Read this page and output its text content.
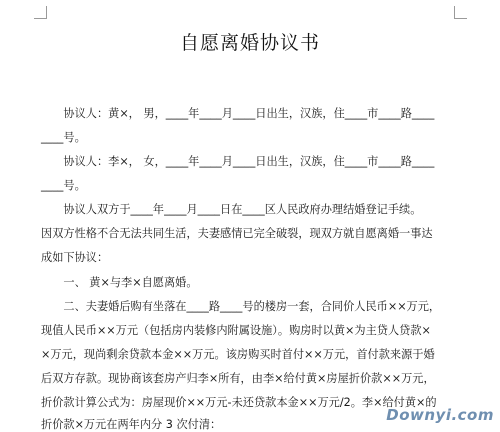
自愿离婚协议书
　　协议人：黄×， 男，____年____月____日出生，汉族，住____市____路____
____号。
　　协议人：李×， 女，____年____月____日出生，汉族，住____市____路____
____号。
　　协议人双方于____年____月____日在____区人民政府办理结婚登记手续。
因双方性格不合无法共同生活，夫妻感情已完全破裂，现双方就自愿离婚一事达
成如下协议：
　　一、 黄×与李×自愿离婚。
　　二、夫妻婚后购有坐落在____路____号的楼房一套，合同价人民币××万元，
现值人民币××万元（包括房内装修内附属设施）。购房时以黄×为主贷人贷款×
×万元，现尚剩余贷款本金××万元。该房购买时首付××万元，首付款来源于婚
后双方存款。现协商该套房产归李×所有，由李×给付黄×房屋折价款××万元，
折价款计算公式为：房屋现价××万元-未还贷款本金××万元/2。李×给付黄×的
折价款×万元在两年内分 3 次付清：
Downyi.com
